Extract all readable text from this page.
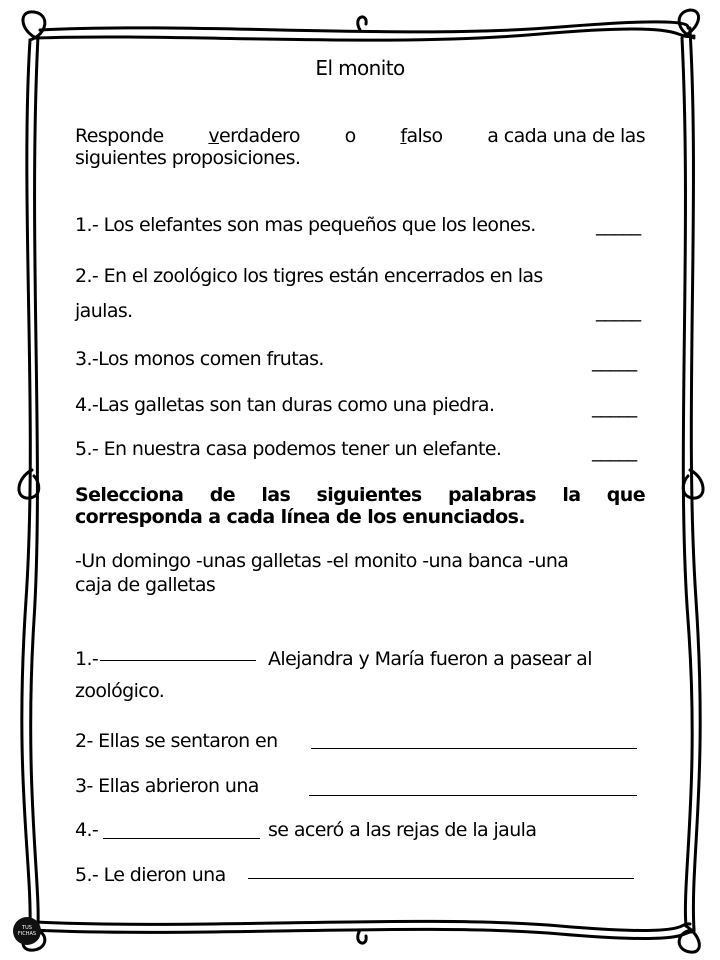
El monito
Responde verdadero o falso a cada una de las
siguientes proposiciones.
1.- Los elefantes son mas pequeños que los leones.	_____
2.- En el zoológico los tigres están encerrados en las
jaulas.	_____
3.-Los monos comen frutas.	_____
4.-Las galletas son tan duras como una piedra.	_____
5.- En nuestra casa podemos tener un elefante.	_____
Selecciona de las siguientes palabras la que
corresponda a cada línea de los enunciados.
-Un domingo -unas galletas -el monito -una banca -una
caja de galletas
1.-	Alejandra y María fueron a pasear al
zoológico.
2- Ellas se sentaron en
3- Ellas abrieron una
4.-	se aceró a las rejas de la jaula
5.- Le dieron una
TUS FICHAS
